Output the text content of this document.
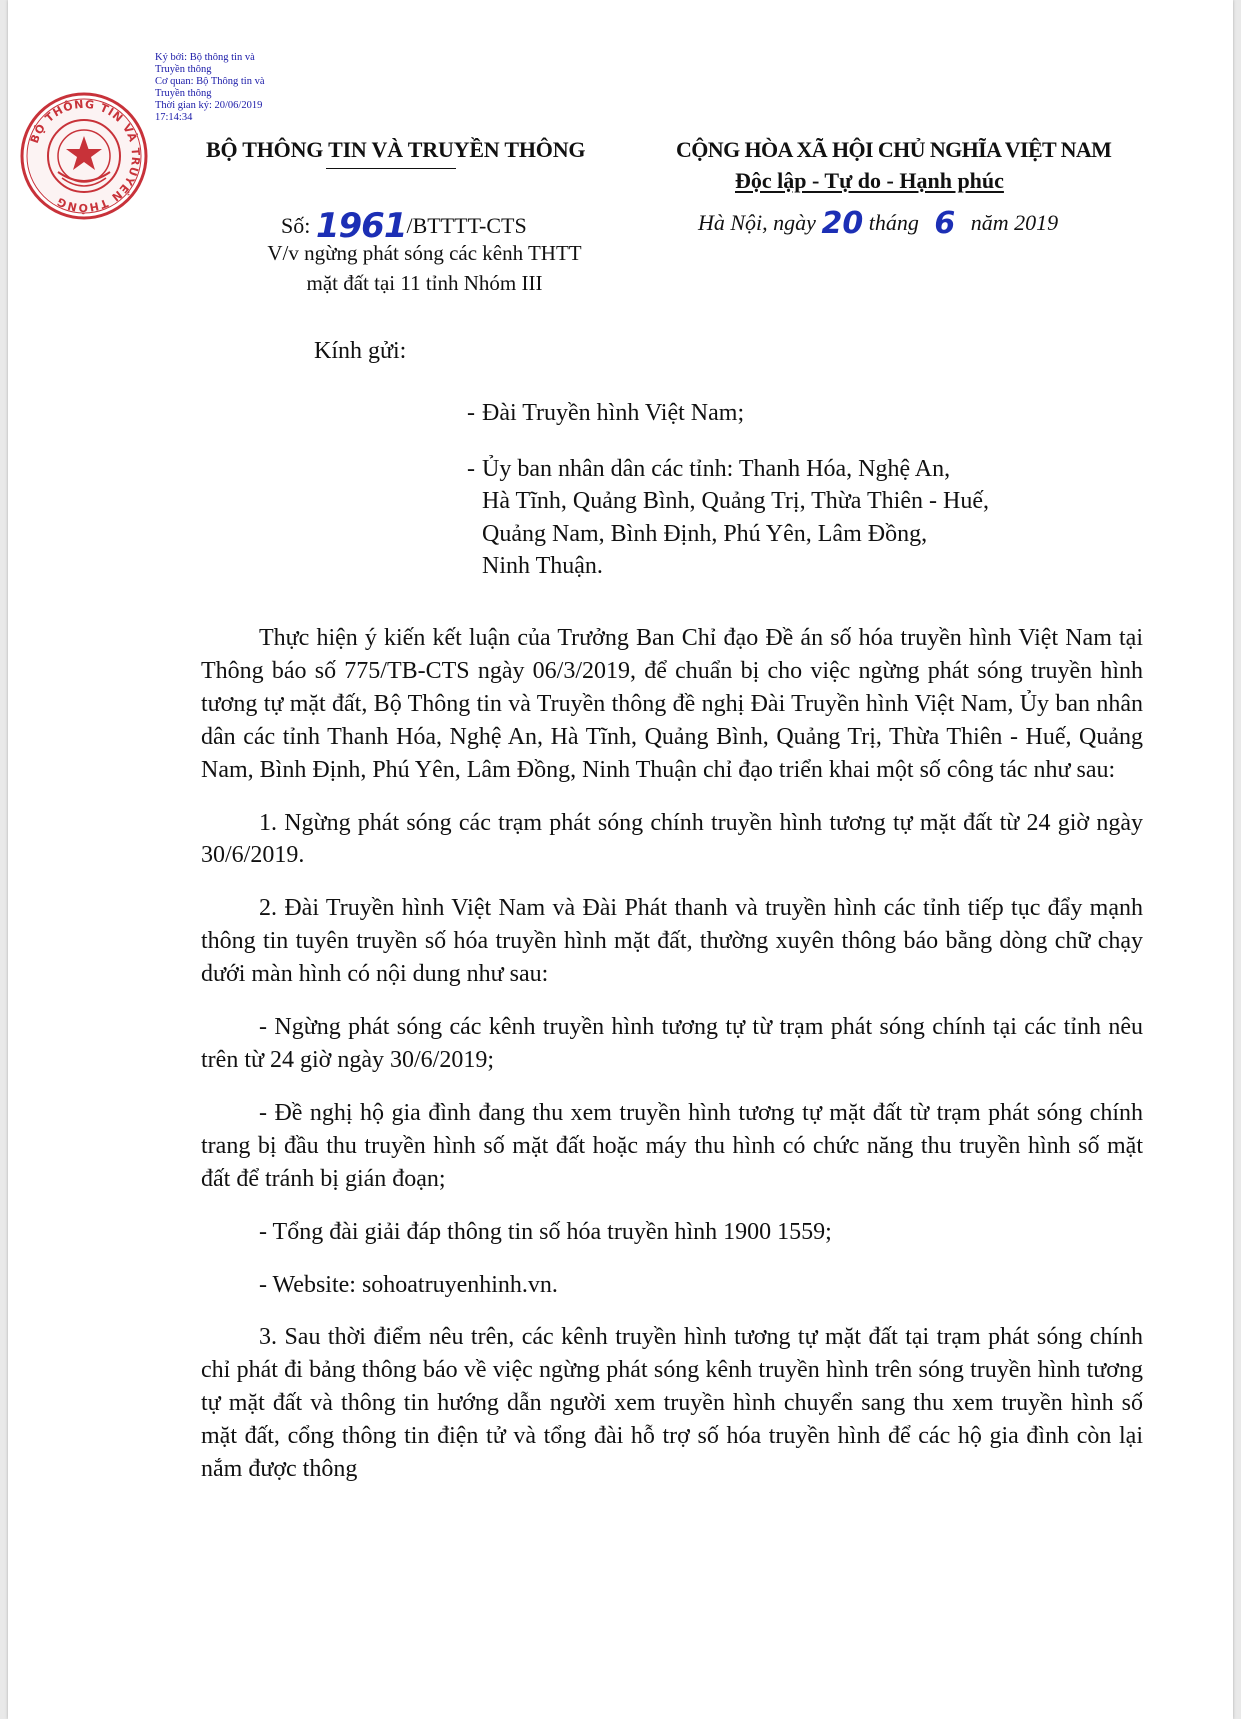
Ký bởi: Bộ thông tin và
Truyền thông
Cơ quan: Bộ Thông tin và
Truyền thông
Thời gian ký: 20/06/2019
17:14:34
BỘ THÔNG TIN VÀ TRUYỀN THÔNG
BỘ THÔNG TIN VÀ TRUYỀN THÔNG	CỘNG HÒA XÃ HỘI CHỦ NGHĨA VIỆT NAM
Độc lập - Tự do - Hạnh phúc
Số: 1961/BTTTT-CTS
V/v ngừng phát sóng các kênh THTT
mặt đất tại 11 tỉnh Nhóm III
Hà Nội, ngày 20 tháng 6 năm 2019
Kính gửi:
- Đài Truyền hình Việt Nam;
- Ủy ban nhân dân các tỉnh: Thanh Hóa, Nghệ An,
Hà Tĩnh, Quảng Bình, Quảng Trị, Thừa Thiên - Huế,
Quảng Nam, Bình Định, Phú Yên, Lâm Đồng,
Ninh Thuận.

Thực hiện ý kiến kết luận của Trưởng Ban Chỉ đạo Đề án số hóa truyền hình Việt Nam tại Thông báo số 775/TB-CTS ngày 06/3/2019, để chuẩn bị cho việc ngừng phát sóng truyền hình tương tự mặt đất, Bộ Thông tin và Truyền thông đề nghị Đài Truyền hình Việt Nam, Ủy ban nhân dân các tỉnh Thanh Hóa, Nghệ An, Hà Tĩnh, Quảng Bình, Quảng Trị, Thừa Thiên - Huế, Quảng Nam, Bình Định, Phú Yên, Lâm Đồng, Ninh Thuận chỉ đạo triển khai một số công tác như sau:

1. Ngừng phát sóng các trạm phát sóng chính truyền hình tương tự mặt đất từ 24 giờ ngày 30/6/2019.

2. Đài Truyền hình Việt Nam và Đài Phát thanh và truyền hình các tỉnh tiếp tục đẩy mạnh thông tin tuyên truyền số hóa truyền hình mặt đất, thường xuyên thông báo bằng dòng chữ chạy dưới màn hình có nội dung như sau:

- Ngừng phát sóng các kênh truyền hình tương tự từ trạm phát sóng chính tại các tỉnh nêu trên từ 24 giờ ngày 30/6/2019;

- Đề nghị hộ gia đình đang thu xem truyền hình tương tự mặt đất từ trạm phát sóng chính trang bị đầu thu truyền hình số mặt đất hoặc máy thu hình có chức năng thu truyền hình số mặt đất để tránh bị gián đoạn;

- Tổng đài giải đáp thông tin số hóa truyền hình 1900 1559;

- Website: sohoatruyenhinh.vn.

3. Sau thời điểm nêu trên, các kênh truyền hình tương tự mặt đất tại trạm phát sóng chính chỉ phát đi bảng thông báo về việc ngừng phát sóng kênh truyền hình trên sóng truyền hình tương tự mặt đất và thông tin hướng dẫn người xem truyền hình chuyển sang thu xem truyền hình số mặt đất, cổng thông tin điện tử và tổng đài hỗ trợ số hóa truyền hình để các hộ gia đình còn lại nắm được thông
